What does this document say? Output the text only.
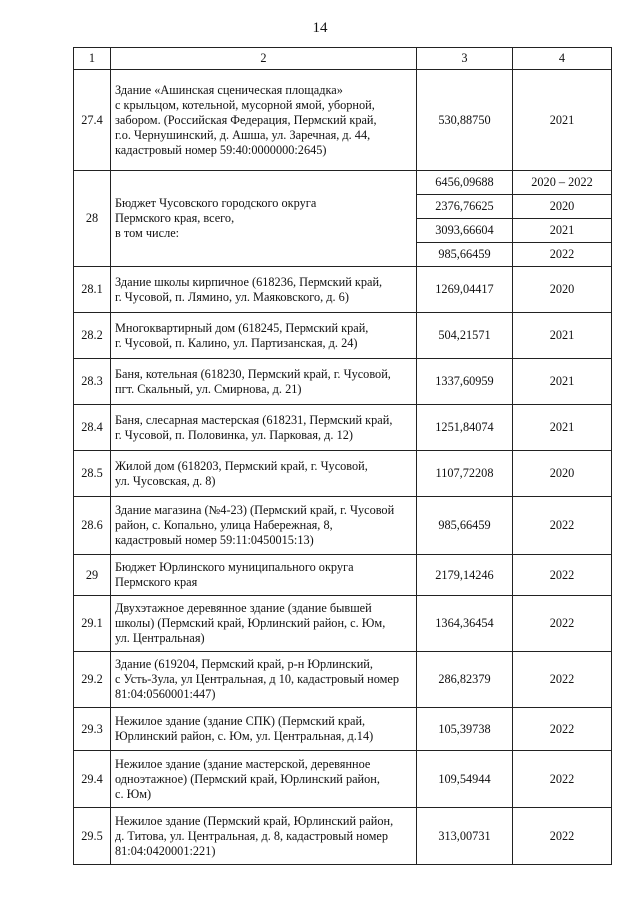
14
1	2	3	4
27.4	Здание «Ашинская сценическая площадка»
с крыльцом, котельной, мусорной ямой, уборной,
забором. (Российская Федерация, Пермский край,
г.о. Чернушинский, д. Ашша, ул. Заречная, д. 44,
кадастровый номер 59:40:0000000:2645)	530,88750	2021
28	Бюджет Чусовского городского округа
Пермского края, всего,
в том числе:	6456,09688	2020 – 2022
		2376,76625	2020
		3093,66604	2021
		985,66459	2022
28.1	Здание школы кирпичное (618236, Пермский край,
г. Чусовой, п. Лямино, ул. Маяковского, д. 6)	1269,04417	2020
28.2	Многоквартирный дом (618245, Пермский край,
г. Чусовой, п. Калино, ул. Партизанская, д. 24)	504,21571	2021
28.3	Баня, котельная (618230, Пермский край, г. Чусовой,
пгт. Скальный, ул. Смирнова, д. 21)	1337,60959	2021
28.4	Баня, слесарная мастерская (618231, Пермский край,
г. Чусовой, п. Половинка, ул. Парковая, д. 12)	1251,84074	2021
28.5	Жилой дом (618203, Пермский край, г. Чусовой,
ул. Чусовская, д. 8)	1107,72208	2020
28.6	Здание магазина (№4-23) (Пермский край, г. Чусовой
район, с. Копально, улица Набережная, 8,
кадастровый номер 59:11:0450015:13)	985,66459	2022
29	Бюджет Юрлинского муниципального округа
Пермского края	2179,14246	2022
29.1	Двухэтажное деревянное здание (здание бывшей
школы) (Пермский край, Юрлинский район, с. Юм,
ул. Центральная)	1364,36454	2022
29.2	Здание (619204, Пермский край, р-н Юрлинский,
с Усть-Зула, ул Центральная, д 10, кадастровый номер
81:04:0560001:447)	286,82379	2022
29.3	Нежилое здание (здание СПК) (Пермский край,
Юрлинский район, с. Юм, ул. Центральная, д.14)	105,39738	2022
29.4	Нежилое здание (здание мастерской, деревянное
одноэтажное) (Пермский край, Юрлинский район,
с. Юм)	109,54944	2022
29.5	Нежилое здание (Пермский край, Юрлинский район,
д. Титова, ул. Центральная, д. 8, кадастровый номер
81:04:0420001:221)	313,00731	2022
